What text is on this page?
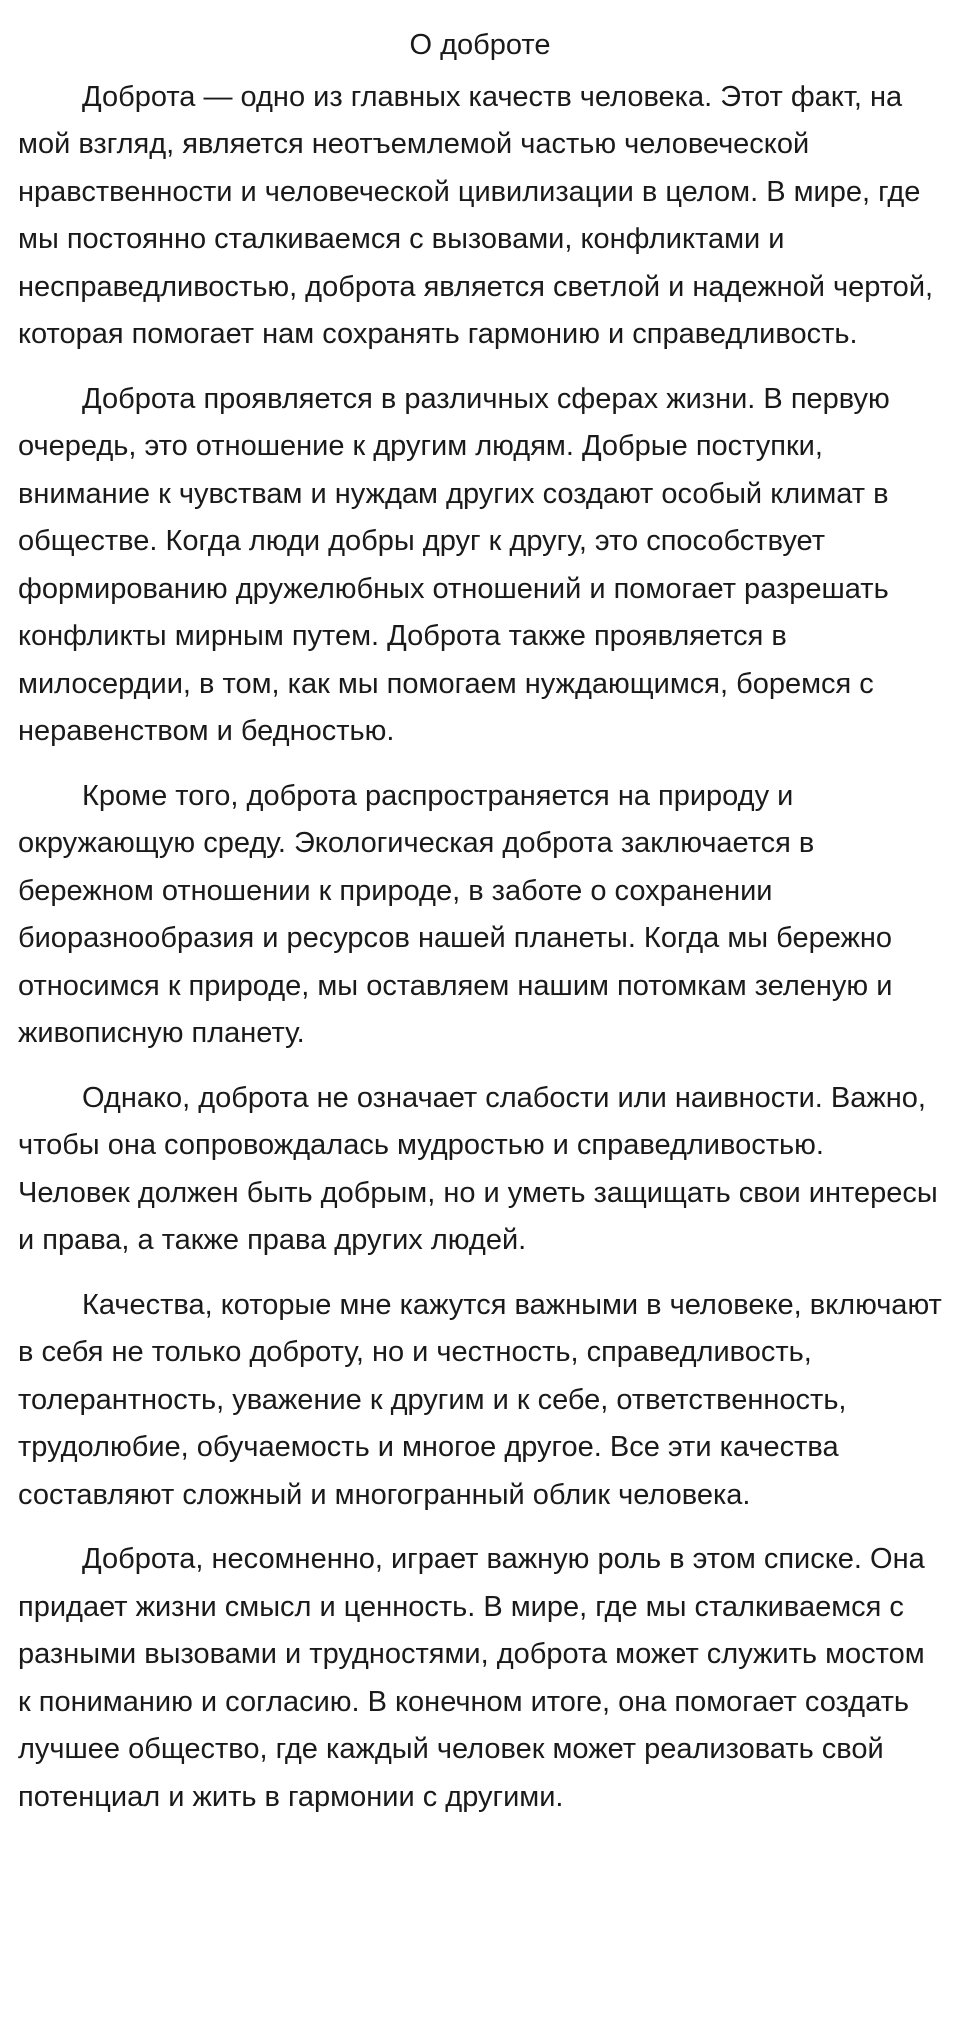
О доброте

Доброта — одно из главных качеств человека. Этот факт, на мой взгляд, является неотъемлемой частью человеческой нравственности и человеческой цивилизации в целом. В мире, где мы постоянно сталкиваемся с вызовами, конфликтами и несправедливостью, доброта является светлой и надежной чертой, которая помогает нам сохранять гармонию и справедливость.

Доброта проявляется в различных сферах жизни. В первую очередь, это отношение к другим людям. Добрые поступки, внимание к чувствам и нуждам других создают особый климат в обществе. Когда люди добры друг к другу, это способствует формированию дружелюбных отношений и помогает разрешать конфликты мирным путем. Доброта также проявляется в милосердии, в том, как мы помогаем нуждающимся, боремся с неравенством и бедностью.

Кроме того, доброта распространяется на природу и окружающую среду. Экологическая доброта заключается в бережном отношении к природе, в заботе о сохранении биоразнообразия и ресурсов нашей планеты. Когда мы бережно относимся к природе, мы оставляем нашим потомкам зеленую и живописную планету.

Однако, доброта не означает слабости или наивности. Важно, чтобы она сопровождалась мудростью и справедливостью. Человек должен быть добрым, но и уметь защищать свои интересы и права, а также права других людей.

Качества, которые мне кажутся важными в человеке, включают в себя не только доброту, но и честность, справедливость, толерантность, уважение к другим и к себе, ответственность, трудолюбие, обучаемость и многое другое. Все эти качества составляют сложный и многогранный облик человека.

Доброта, несомненно, играет важную роль в этом списке. Она придает жизни смысл и ценность. В мире, где мы сталкиваемся с разными вызовами и трудностями, доброта может служить мостом к пониманию и согласию. В конечном итоге, она помогает создать лучшее общество, где каждый человек может реализовать свой потенциал и жить в гармонии с другими.
